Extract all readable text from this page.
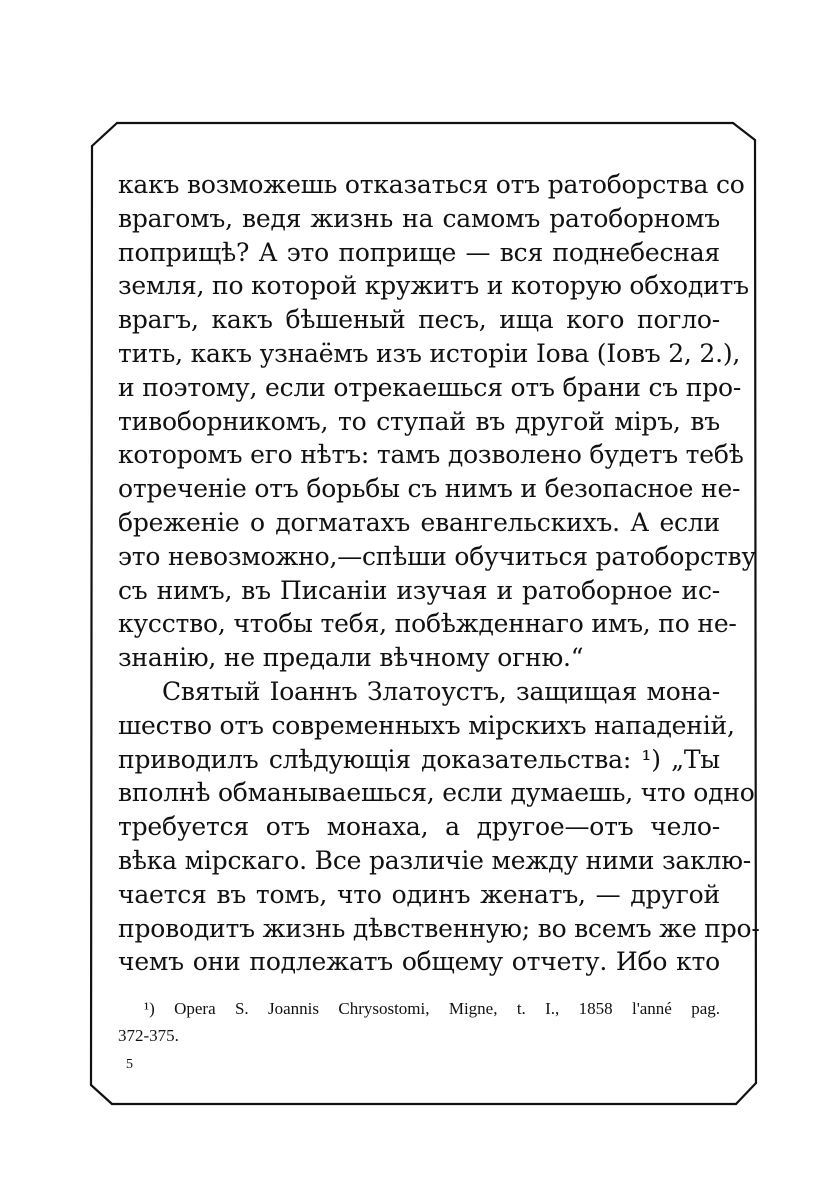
какъ возможешь отказаться отъ ратоборства со
врагомъ, ведя жизнь на самомъ ратоборномъ
поприщѣ? А это поприще — вся поднебесная
земля, по которой кружитъ и которую обходитъ
врагъ, какъ бѣшеный песъ, ища кого погло-
тить, какъ узнаёмъ изъ исторіи Іова (Іовъ 2, 2.),
и поэтому, если отрекаешься отъ брани съ про-
тивоборникомъ, то ступай въ другой міръ, въ
которомъ его нѣтъ: тамъ дозволено будетъ тебѣ
отреченіе отъ борьбы съ нимъ и безопасное не-
бреженіе о догматахъ евангельскихъ. А если
это невозможно,—спѣши обучиться ратоборству
съ нимъ, въ Писаніи изучая и ратоборное ис-
кусство, чтобы тебя, побѣжденнаго имъ, по не-
знанію, не предали вѣчному огню.“
Святый Іоаннъ Златоустъ, защищая мона-
шество отъ современныхъ мірскихъ нападеній,
приводилъ слѣдующія доказательства: ¹) „Ты
вполнѣ обманываешься, если думаешь, что одно
требуется отъ монаха, а другое—отъ чело-
вѣка мірскаго. Все различіе между ними заклю-
чается въ томъ, что одинъ женатъ, — другой
проводитъ жизнь дѣвственную; во всемъ же про-
чемъ они подлежатъ общему отчету. Ибо кто
¹) Opera S. Joannis Chrysostomi, Migne, t. I., 1858 l'anné pag.
372-375.
5
